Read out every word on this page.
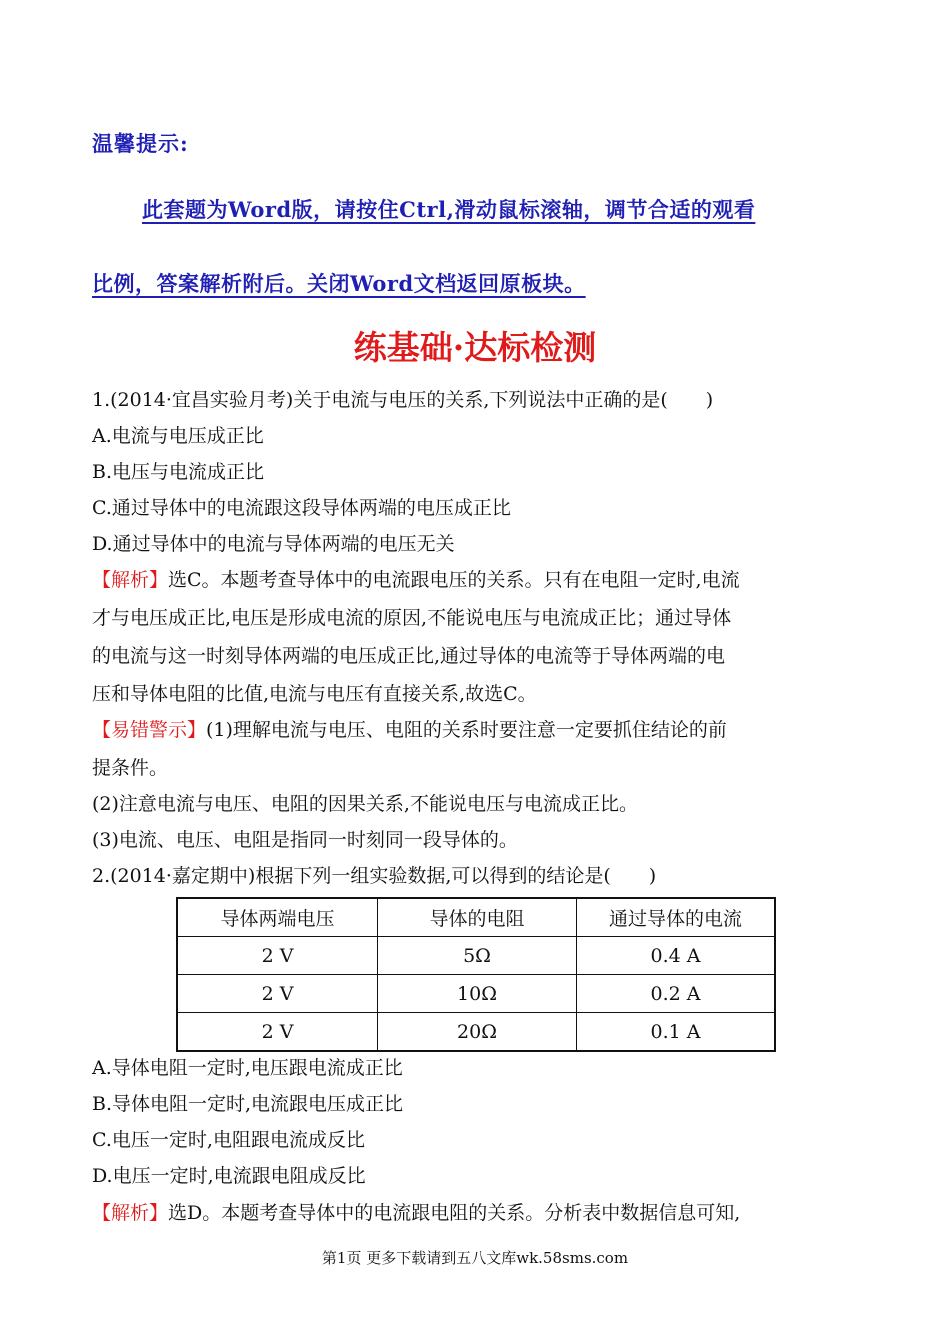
温馨提示:
此套题为Word版，请按住Ctrl,滑动鼠标滚轴，调节合适的观看
比例，答案解析附后。关闭Word文档返回原板块。
练基础·达标检测
1.(2014·宜昌实验月考)关于电流与电压的关系,下列说法中正确的是(　　)
A.电流与电压成正比
B.电压与电流成正比
C.通过导体中的电流跟这段导体两端的电压成正比
D.通过导体中的电流与导体两端的电压无关
【解析】选C。本题考查导体中的电流跟电压的关系。只有在电阻一定时,电流
才与电压成正比,电压是形成电流的原因,不能说电压与电流成正比；通过导体
的电流与这一时刻导体两端的电压成正比,通过导体的电流等于导体两端的电
压和导体电阻的比值,电流与电压有直接关系,故选C。
【易错警示】(1)理解电流与电压、电阻的关系时要注意一定要抓住结论的前
提条件。
(2)注意电流与电压、电阻的因果关系,不能说电压与电流成正比。
(3)电流、电压、电阻是指同一时刻同一段导体的。
2.(2014·嘉定期中)根据下列一组实验数据,可以得到的结论是(　　)
导体两端电压	导体的电阻	通过导体的电流
2 V	5Ω	0.4 A
2 V	10Ω	0.2 A
2 V	20Ω	0.1 A
A.导体电阻一定时,电压跟电流成正比
B.导体电阻一定时,电流跟电压成正比
C.电压一定时,电阻跟电流成反比
D.电压一定时,电流跟电阻成反比
【解析】选D。本题考查导体中的电流跟电阻的关系。分析表中数据信息可知,
第1页 更多下载请到五八文库wk.58sms.com
